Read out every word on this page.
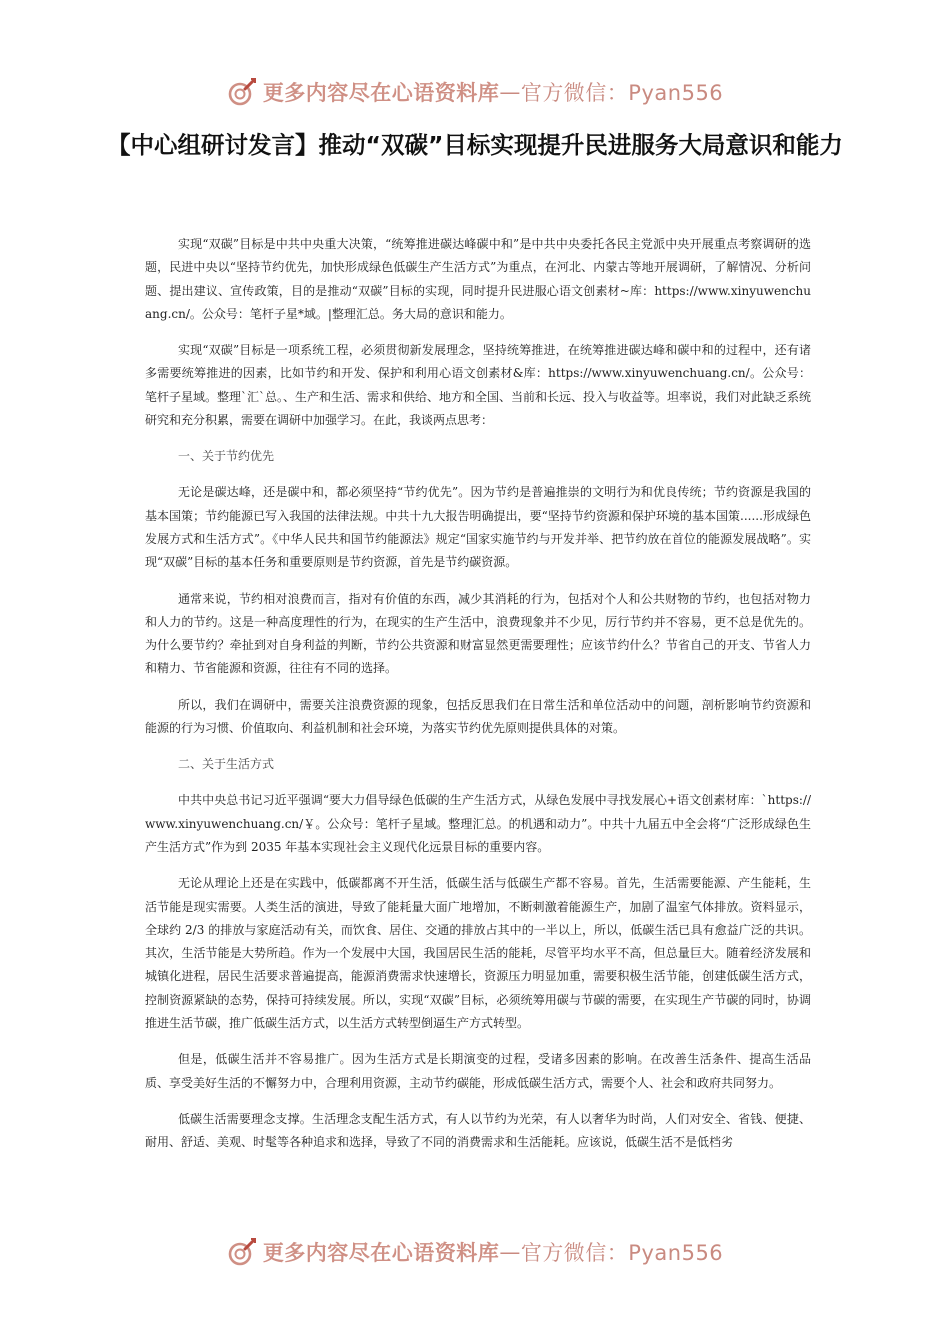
更多内容尽在心语资料库 — 官方微信：Pyan556
【中心组研讨发言】推动“双碳”目标实现提升民进服务大局意识和能力

实现“双碳”目标是中共中央重大决策，“统筹推进碳达峰碳中和”是中共中央委托各民主党派中央开展重点考察调研的选题，民进中央以“坚持节约优先，加快形成绿色低碳生产生活方式”为重点，在河北、内蒙古等地开展调研，了解情况、分析问题、提出建议、宣传政策，目的是推动“双碳”目标的实现，同时提升民进服心语文创素材~库：https://www.xinyuwenchuang.cn/。公众号：笔杆子星*域。|整理汇总。务大局的意识和能力。

实现“双碳”目标是一项系统工程，必须贯彻新发展理念，坚持统筹推进，在统筹推进碳达峰和碳中和的过程中，还有诸多需要统筹推进的因素，比如节约和开发、保护和利用心语文创素材&库：https://www.xinyuwenchuang.cn/。公众号：笔杆子星域。整理`汇`总。、生产和生活、需求和供给、地方和全国、当前和长远、投入与收益等。坦率说，我们对此缺乏系统研究和充分积累，需要在调研中加强学习。在此，我谈两点思考：

一、关于节约优先

无论是碳达峰，还是碳中和，都必须坚持“节约优先”。因为节约是普遍推崇的文明行为和优良传统；节约资源是我国的基本国策；节约能源已写入我国的法律法规。中共十九大报告明确提出，要“坚持节约资源和保护环境的基本国策......形成绿色发展方式和生活方式”。《中华人民共和国节约能源法》规定“国家实施节约与开发并举、把节约放在首位的能源发展战略”。实现“双碳”目标的基本任务和重要原则是节约资源，首先是节约碳资源。

通常来说，节约相对浪费而言，指对有价值的东西，减少其消耗的行为，包括对个人和公共财物的节约，也包括对物力和人力的节约。这是一种高度理性的行为，在现实的生产生活中，浪费现象并不少见，厉行节约并不容易，更不总是优先的。为什么要节约？牵扯到对自身利益的判断，节约公共资源和财富显然更需要理性；应该节约什么？节省自己的开支、节省人力和精力、节省能源和资源，往往有不同的选择。

所以，我们在调研中，需要关注浪费资源的现象，包括反思我们在日常生活和单位活动中的问题，剖析影响节约资源和能源的行为习惯、价值取向、利益机制和社会环境，为落实节约优先原则提供具体的对策。

二、关于生活方式

中共中央总书记习近平强调“要大力倡导绿色低碳的生产生活方式，从绿色发展中寻找发展心+语文创素材库：`https://www.xinyuwenchuang.cn/￥。公众号：笔杆子星域。整理汇总。的机遇和动力”。中共十九届五中全会将“广泛形成绿色生产生活方式”作为到 2035 年基本实现社会主义现代化远景目标的重要内容。

无论从理论上还是在实践中，低碳都离不开生活，低碳生活与低碳生产都不容易。首先，生活需要能源、产生能耗，生活节能是现实需要。人类生活的演进，导致了能耗量大面广地增加，不断刺激着能源生产，加剧了温室气体排放。资料显示，全球约 2/3 的排放与家庭活动有关，而饮食、居住、交通的排放占其中的一半以上，所以，低碳生活已具有愈益广泛的共识。其次，生活节能是大势所趋。作为一个发展中大国，我国居民生活的能耗，尽管平均水平不高，但总量巨大。随着经济发展和城镇化进程，居民生活要求普遍提高，能源消费需求快速增长，资源压力明显加重，需要积极生活节能，创建低碳生活方式，控制资源紧缺的态势，保持可持续发展。所以，实现“双碳”目标，必须统筹用碳与节碳的需要，在实现生产节碳的同时，协调推进生活节碳，推广低碳生活方式，以生活方式转型倒逼生产方式转型。

但是，低碳生活并不容易推广。因为生活方式是长期演变的过程，受诸多因素的影响。在改善生活条件、提高生活品质、享受美好生活的不懈努力中，合理利用资源，主动节约碳能，形成低碳生活方式，需要个人、社会和政府共同努力。

低碳生活需要理念支撑。生活理念支配生活方式，有人以节约为光荣，有人以奢华为时尚，人们对安全、省钱、便捷、耐用、舒适、美观、时髦等各种追求和选择，导致了不同的消费需求和生活能耗。应该说，低碳生活不是低档劣

更多内容尽在心语资料库 — 官方微信：Pyan556
